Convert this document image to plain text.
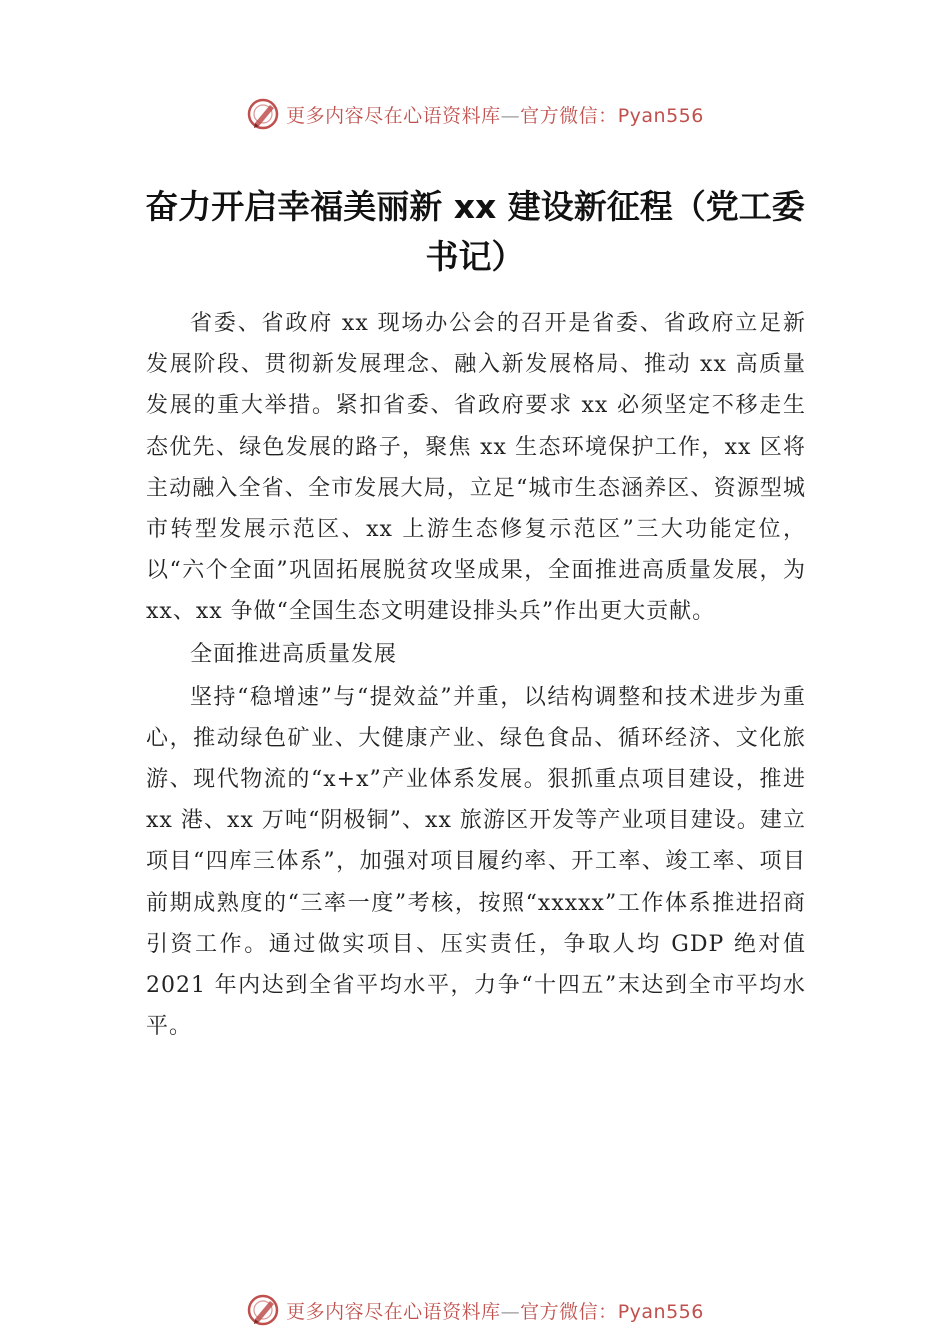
更多内容尽在心语资料库—官方微信：Pyan556
奋力开启幸福美丽新 xx 建设新征程（党工委书记）

省委、省政府 xx 现场办公会的召开是省委、省政府立足新发展阶段、贯彻新发展理念、融入新发展格局、推动 xx 高质量发展的重大举措。紧扣省委、省政府要求 xx 必须坚定不移走生态优先、绿色发展的路子，聚焦 xx 生态环境保护工作，xx 区将主动融入全省、全市发展大局，立足“城市生态涵养区、资源型城市转型发展示范区、xx 上游生态修复示范区”三大功能定位，以“六个全面”巩固拓展脱贫攻坚成果，全面推进高质量发展，为 xx、xx 争做“全国生态文明建设排头兵”作出更大贡献。

全面推进高质量发展

坚持“稳增速”与“提效益”并重，以结构调整和技术进步为重心，推动绿色矿业、大健康产业、绿色食品、循环经济、文化旅游、现代物流的“x+x”产业体系发展。狠抓重点项目建设，推进 xx 港、xx 万吨“阴极铜”、xx 旅游区开发等产业项目建设。建立项目“四库三体系”，加强对项目履约率、开工率、竣工率、项目前期成熟度的“三率一度”考核，按照“xxxxx”工作体系推进招商引资工作。通过做实项目、压实责任，争取人均 GDP 绝对值 2021 年内达到全省平均水平，力争“十四五”末达到全市平均水平。

更多内容尽在心语资料库—官方微信：Pyan556
